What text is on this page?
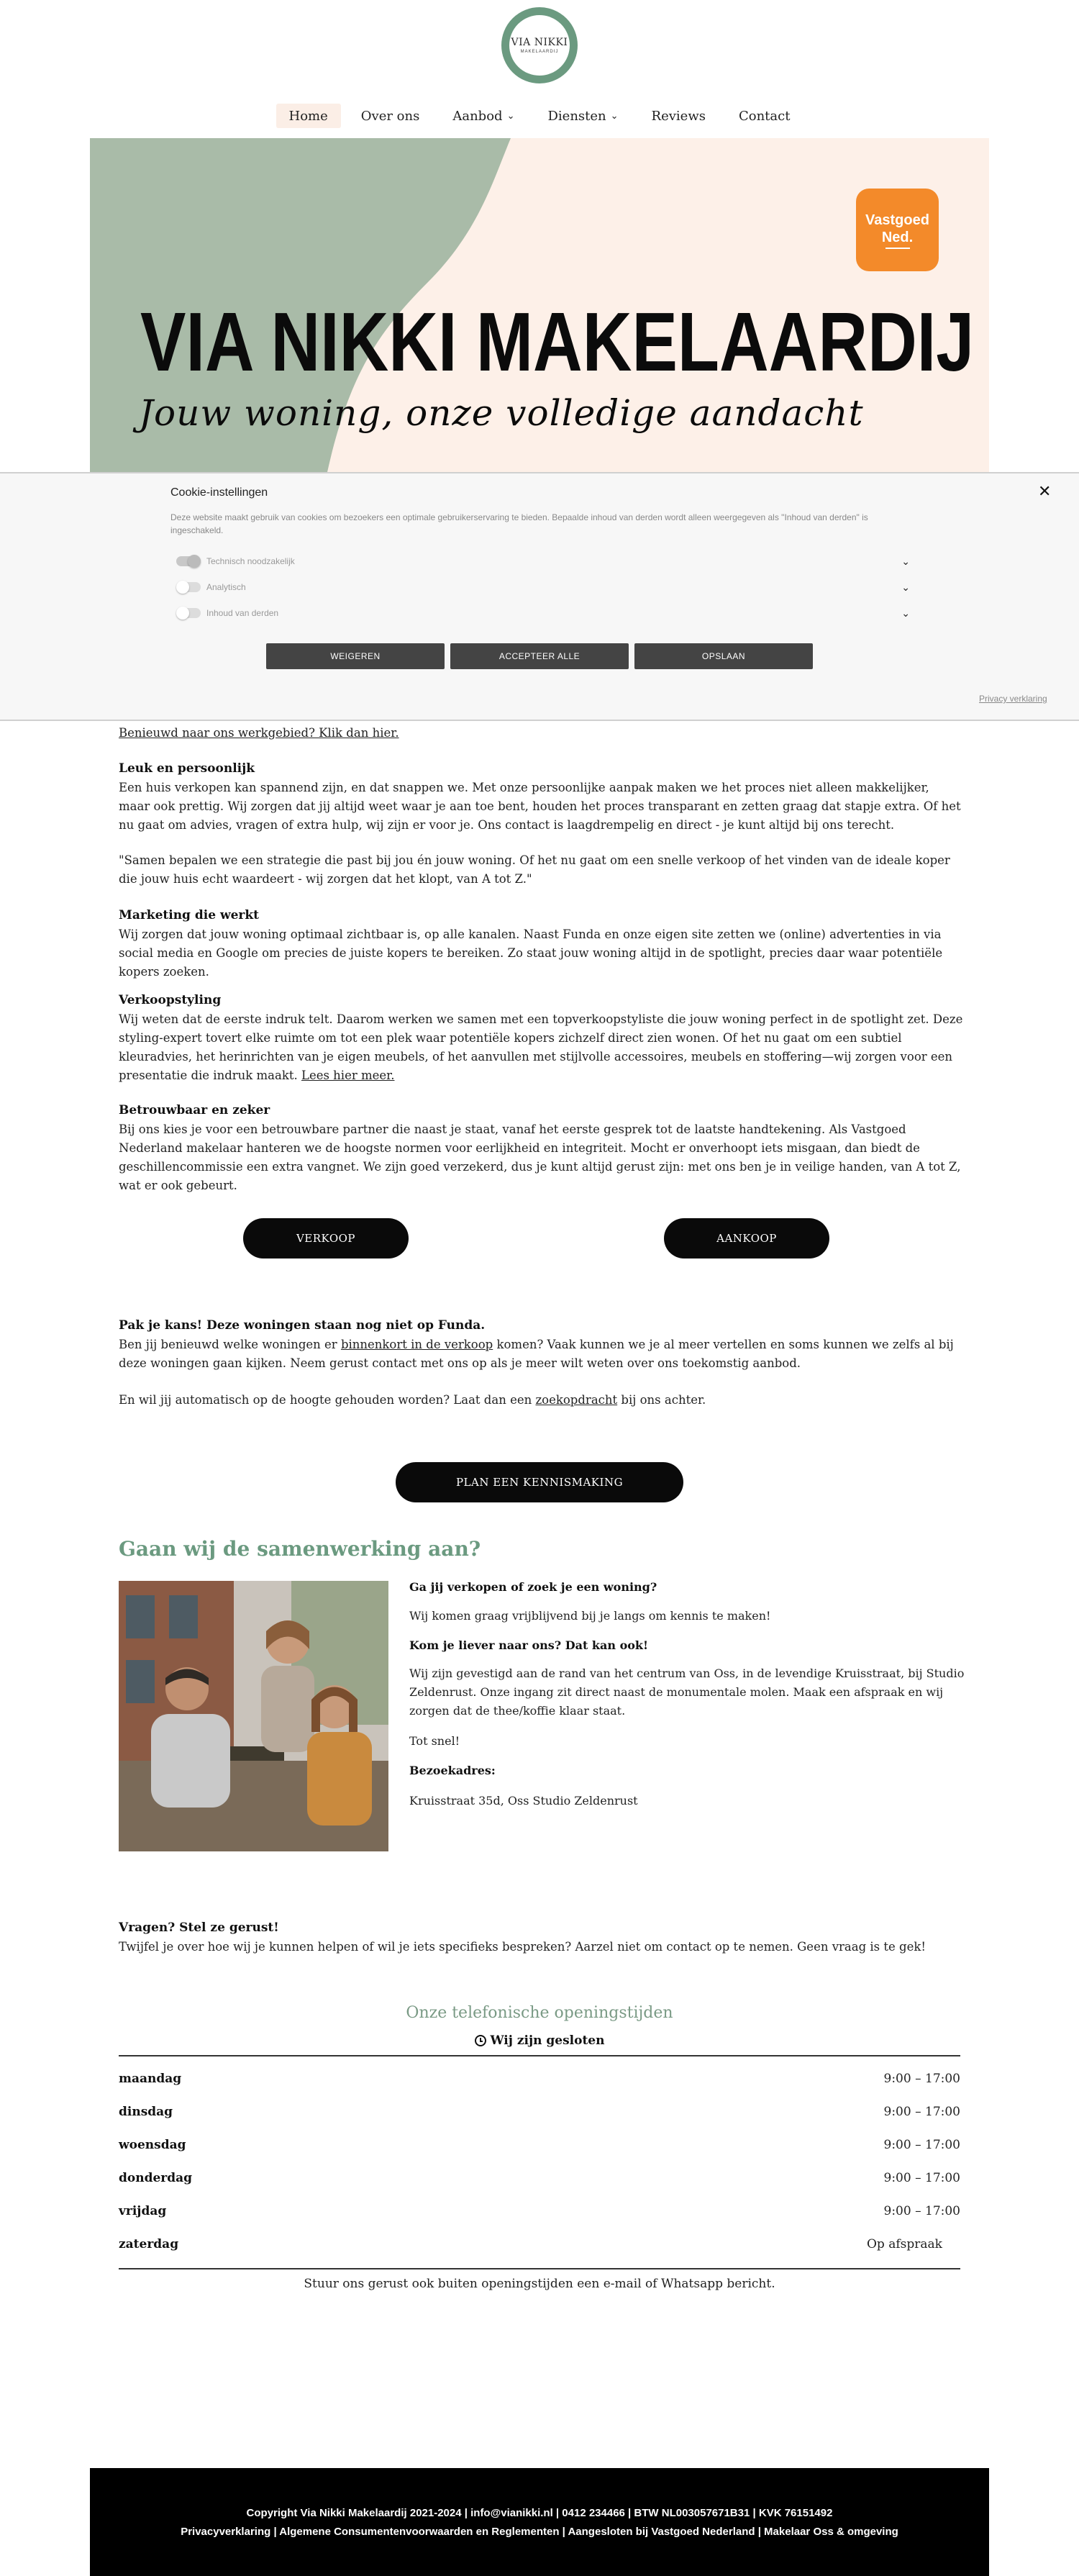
VIA NIKKI
MAKELAARDIJ
Home	Over ons	Aanbod ⌄	Diensten ⌄	Reviews	Contact
Vastgoed
Ned.
VIA NIKKI MAKELAARDIJ
Jouw woning, onze volledige aandacht
Cookie-instellingen	✕
Deze website maakt gebruik van cookies om bezoekers een optimale gebruikerservaring te bieden. Bepaalde inhoud van derden wordt alleen weergegeven als "Inhoud van derden" is ingeschakeld.
Technisch noodzakelijk	⌄
Analytisch	⌄
Inhoud van derden	⌄
WEIGEREN	ACCEPTEER ALLE	OPSLAAN
Privacy verklaring
Benieuwd naar ons werkgebied? Klik dan hier.
Leuk en persoonlijk

Een huis verkopen kan spannend zijn, en dat snappen we. Met onze persoonlijke aanpak maken we het proces niet alleen makkelijker, maar ook prettig. Wij zorgen dat jij altijd weet waar je aan toe bent, houden het proces transparant en zetten graag dat stapje extra. Of het nu gaat om advies, vragen of extra hulp, wij zijn er voor je. Ons contact is laagdrempelig en direct - je kunt altijd bij ons terecht.

"Samen bepalen we een strategie die past bij jou én jouw woning. Of het nu gaat om een snelle verkoop of het vinden van de ideale koper die jouw huis echt waardeert - wij zorgen dat het klopt, van A tot Z."

Marketing die werkt

Wij zorgen dat jouw woning optimaal zichtbaar is, op alle kanalen. Naast Funda en onze eigen site zetten we (online) advertenties in via social media en Google om precies de juiste kopers te bereiken. Zo staat jouw woning altijd in de spotlight, precies daar waar potentiële kopers zoeken.

Verkoopstyling

Wij weten dat de eerste indruk telt. Daarom werken we samen met een topverkoopstyliste die jouw woning perfect in de spotlight zet. Deze styling-expert tovert elke ruimte om tot een plek waar potentiële kopers zichzelf direct zien wonen. Of het nu gaat om een subtiel kleuradvies, het herinrichten van je eigen meubels, of het aanvullen met stijlvolle accessoires, meubels en stoffering—wij zorgen voor een presentatie die indruk maakt. Lees hier meer.

Betrouwbaar en zeker

Bij ons kies je voor een betrouwbare partner die naast je staat, vanaf het eerste gesprek tot de laatste handtekening. Als Vastgoed Nederland makelaar hanteren we de hoogste normen voor eerlijkheid en integriteit. Mocht er onverhoopt iets misgaan, dan biedt de geschillencommissie een extra vangnet. We zijn goed verzekerd, dus je kunt altijd gerust zijn: met ons ben je in veilige handen, van A tot Z, wat er ook gebeurt.

VERKOOP	AANKOOP
Pak je kans! Deze woningen staan nog niet op Funda.

Ben jij benieuwd welke woningen er binnenkort in de verkoop komen? Vaak kunnen we je al meer vertellen en soms kunnen we zelfs al bij deze woningen gaan kijken. Neem gerust contact met ons op als je meer wilt weten over ons toekomstig aanbod.

En wil jij automatisch op de hoogte gehouden worden? Laat dan een zoekopdracht bij ons achter.

PLAN EEN KENNISMAKING
Gaan wij de samenwerking aan?
Ga jij verkopen of zoek je een woning?

Wij komen graag vrijblijvend bij je langs om kennis te maken!

Kom je liever naar ons? Dat kan ook!

Wij zijn gevestigd aan de rand van het centrum van Oss, in de levendige Kruisstraat, bij Studio Zeldenrust. Onze ingang zit direct naast de monumentale molen. Maak een afspraak en wij zorgen dat de thee/koffie klaar staat.

Tot snel!

Bezoekadres:

Kruisstraat 35d, Oss Studio Zeldenrust

Vragen? Stel ze gerust!

Twijfel je over hoe wij je kunnen helpen of wil je iets specifieks bespreken? Aarzel niet om contact op te nemen. Geen vraag is te gek!

Onze telefonische openingstijden
Wij zijn gesloten
maandag	9:00 – 17:00
dinsdag	9:00 – 17:00
woensdag	9:00 – 17:00
donderdag	9:00 – 17:00
vrijdag	9:00 – 17:00
zaterdag	Op afspraak
Stuur ons gerust ook buiten openingstijden een e-mail of Whatsapp bericht.
Copyright Via Nikki Makelaardij 2021-2024 | info@vianikki.nl | 0412 234466 | BTW NL003057671B31 | KVK 76151492
Privacyverklaring | Algemene Consumentenvoorwaarden en Reglementen | Aangesloten bij Vastgoed Nederland | Makelaar Oss & omgeving
